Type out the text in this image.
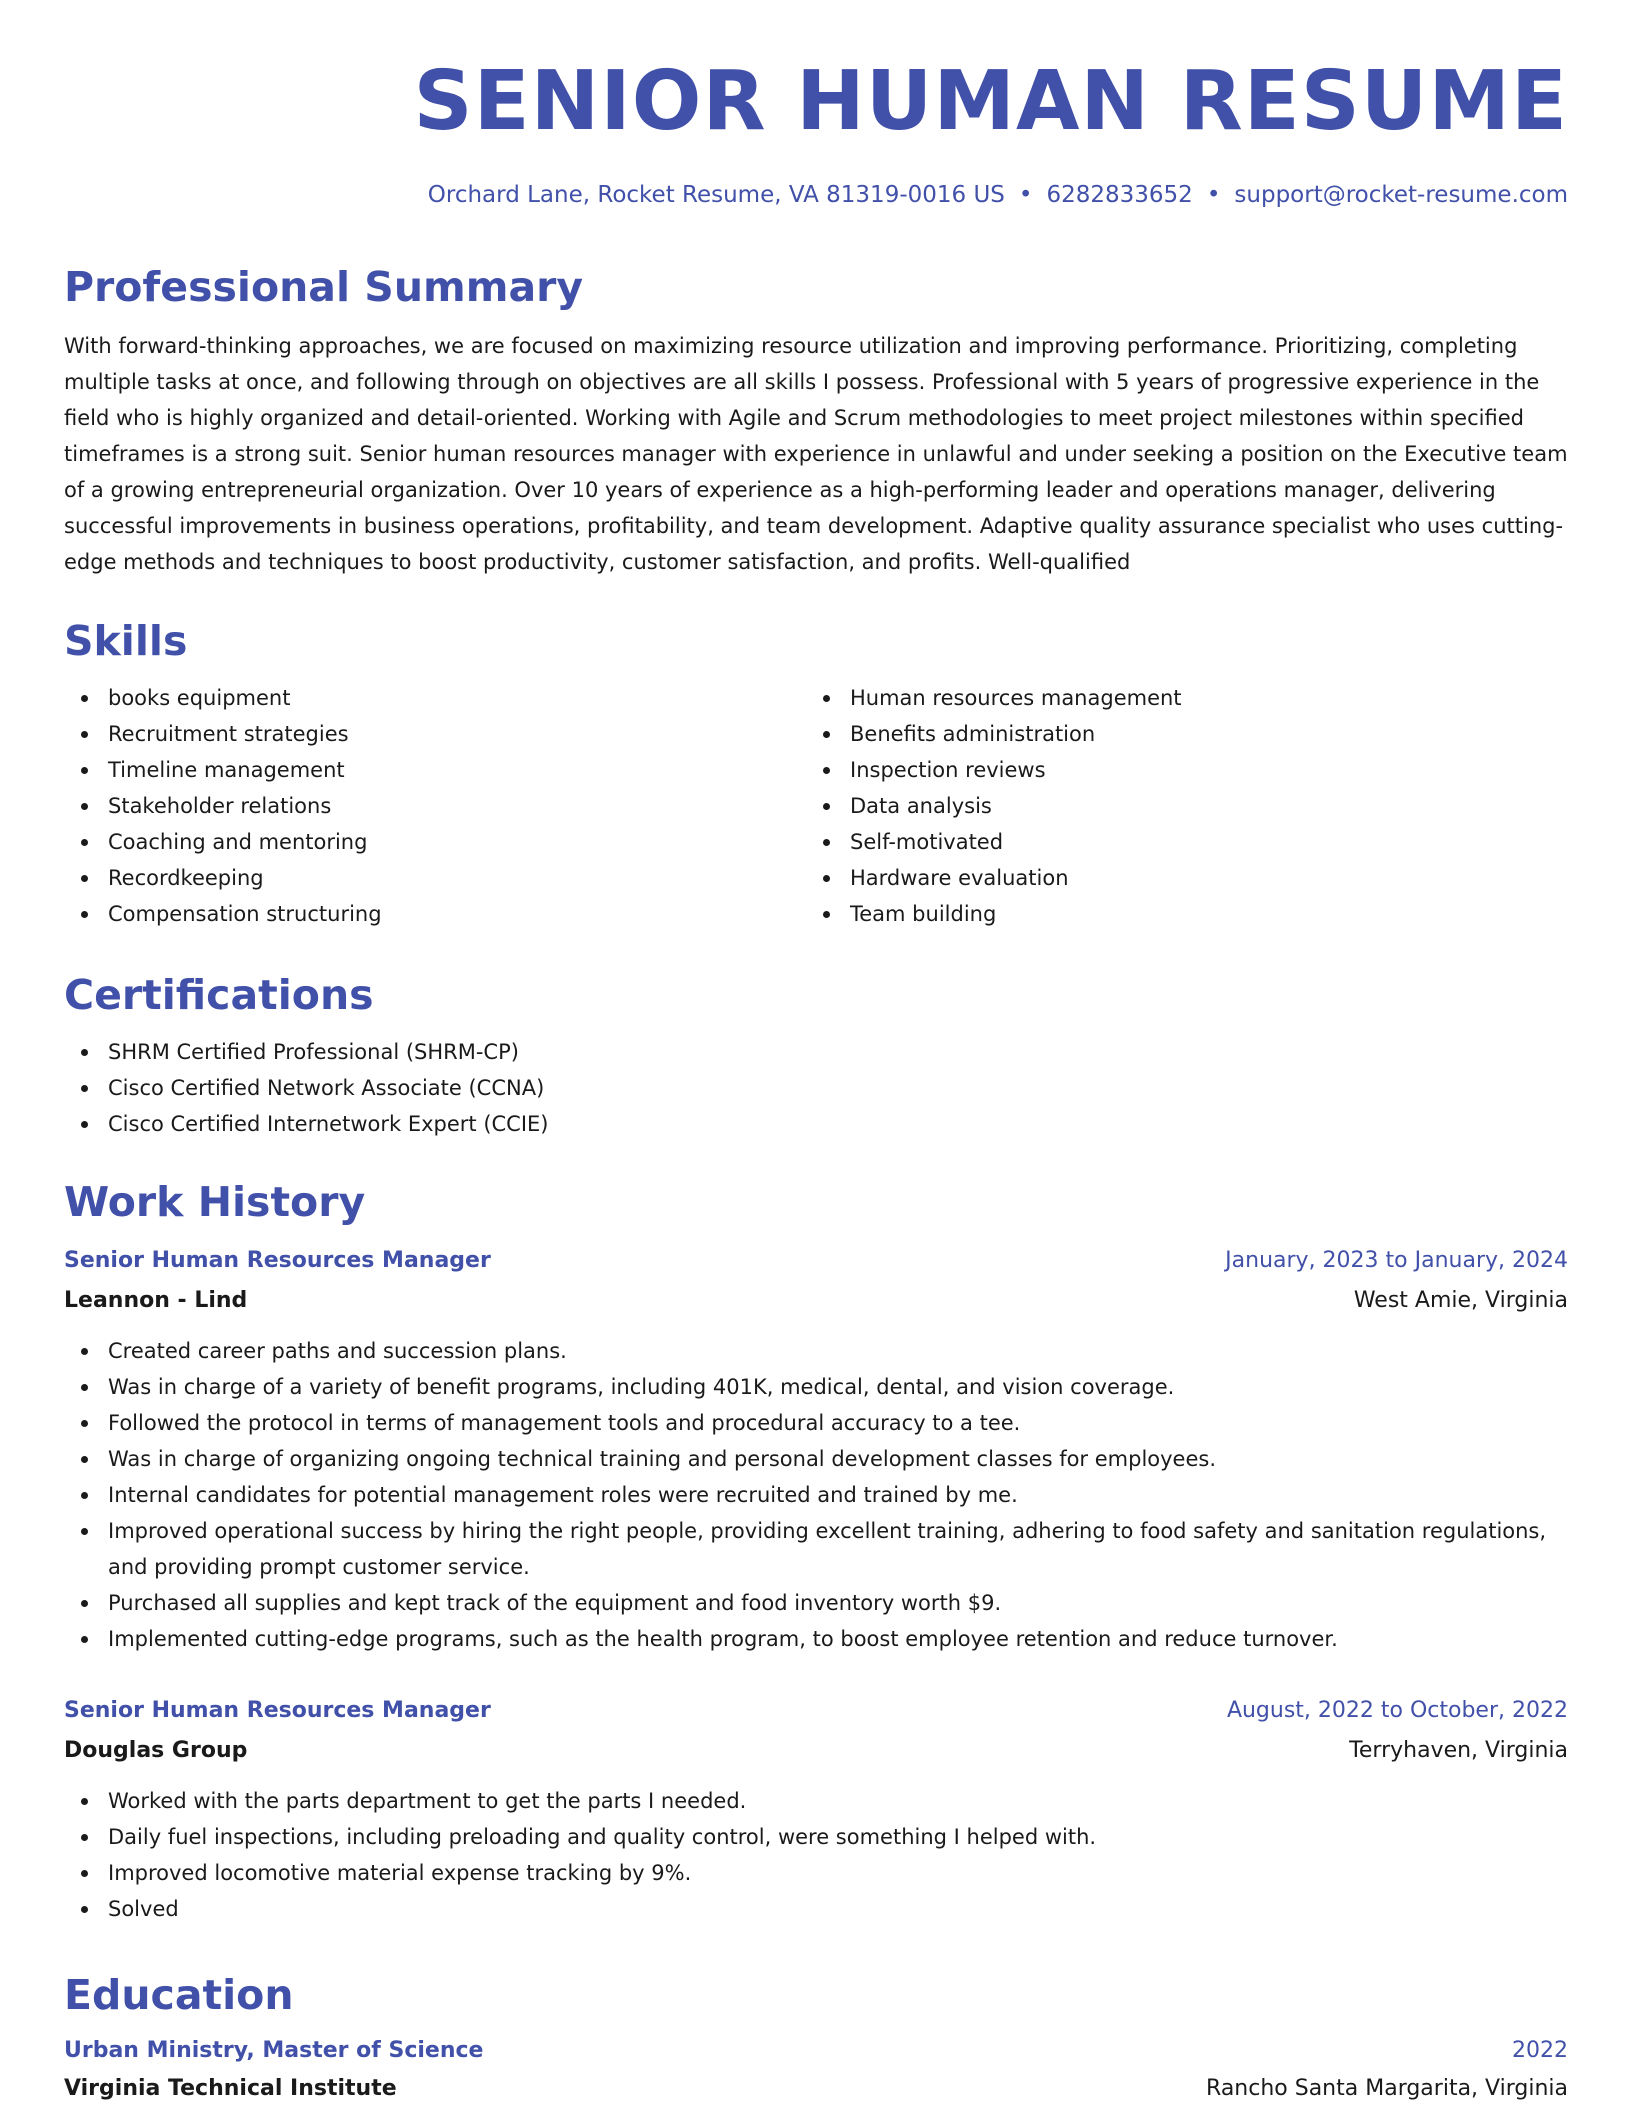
SENIOR HUMAN RESUME
Orchard Lane, Rocket Resume, VA 81319-0016 US • 6282833652 • support@rocket-resume.com
Professional Summary

With forward-thinking approaches, we are focused on maximizing resource utilization and improving performance. Prioritizing, completing multiple tasks at once, and following through on objectives are all skills I possess. Professional with 5 years of progressive experience in the field who is highly organized and detail-oriented. Working with Agile and Scrum methodologies to meet project milestones within specified timeframes is a strong suit. Senior human resources manager with experience in unlawful and under seeking a position on the Executive team of a growing entrepreneurial organization. Over 10 years of experience as a high-performing leader and operations manager, delivering successful improvements in business operations, profitability, and team development. Adaptive quality assurance specialist who uses cutting-edge methods and techniques to boost productivity, customer satisfaction, and profits. Well-qualified

Skills
books equipment
Recruitment strategies
Timeline management
Stakeholder relations
Coaching and mentoring
Recordkeeping
Compensation structuring
Human resources management
Benefits administration
Inspection reviews
Data analysis
Self-motivated
Hardware evaluation
Team building
Certifications
SHRM Certified Professional (SHRM-CP)
Cisco Certified Network Associate (CCNA)
Cisco Certified Internetwork Expert (CCIE)
Work History
Senior Human Resources Manager	January, 2023 to January, 2024
Leannon - Lind	West Amie, Virginia
Created career paths and succession plans.
Was in charge of a variety of benefit programs, including 401K, medical, dental, and vision coverage.
Followed the protocol in terms of management tools and procedural accuracy to a tee.
Was in charge of organizing ongoing technical training and personal development classes for employees.
Internal candidates for potential management roles were recruited and trained by me.
Improved operational success by hiring the right people, providing excellent training, adhering to food safety and sanitation regulations, and providing prompt customer service.
Purchased all supplies and kept track of the equipment and food inventory worth $9.
Implemented cutting-edge programs, such as the health program, to boost employee retention and reduce turnover.
Senior Human Resources Manager	August, 2022 to October, 2022
Douglas Group	Terryhaven, Virginia
Worked with the parts department to get the parts I needed.
Daily fuel inspections, including preloading and quality control, were something I helped with.
Improved locomotive material expense tracking by 9%.
Solved
Education
Urban Ministry, Master of Science	2022
Virginia Technical Institute	Rancho Santa Margarita, Virginia
